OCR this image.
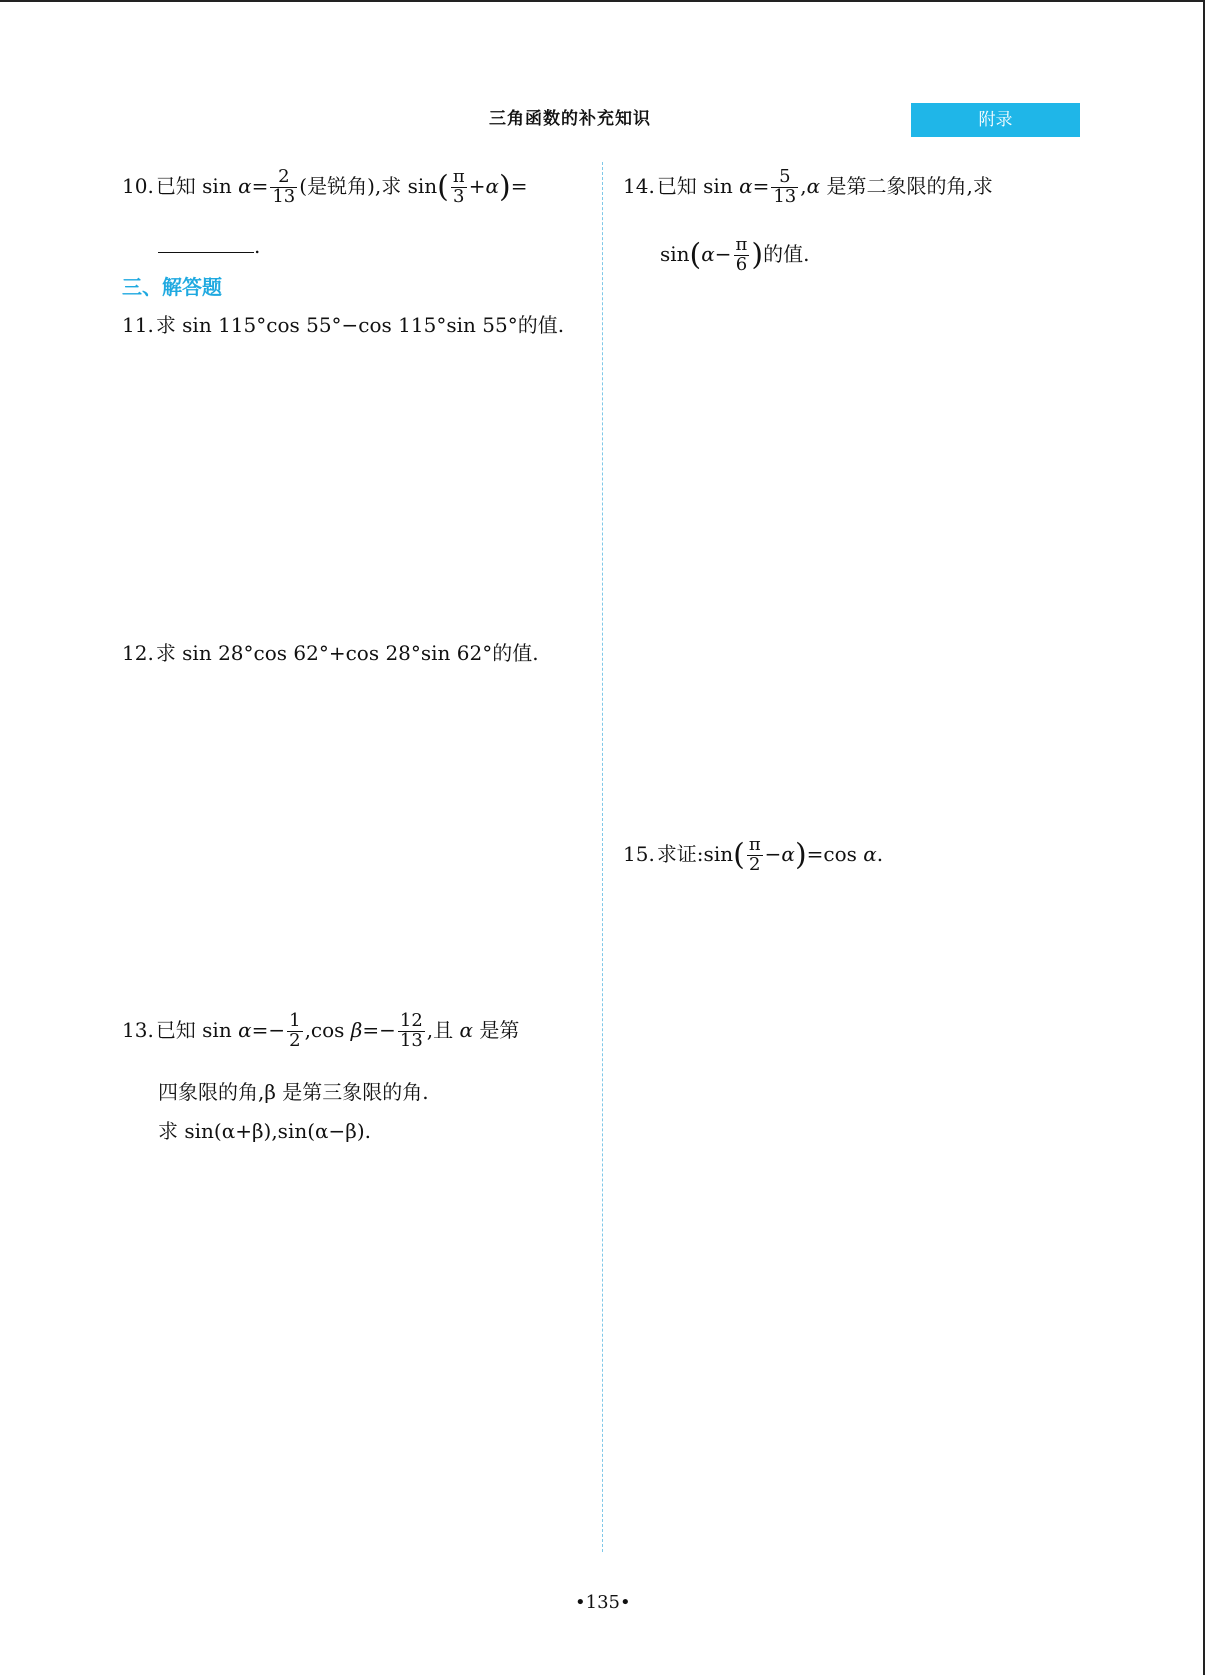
三角函数的补充知识	附录
10. 已知 $\sin \alpha= \frac{2}{13}$ (是锐角),求 $\sin( \frac{\pi}{3} +\alpha)=$
.
三、解答题
11. 求 sin 115°cos 55°−cos 115°sin 55°的值.
12. 求 sin 28°cos 62°+cos 28°sin 62°的值.
13. 已知 $\sin \alpha=- \frac{1}{2} ,\cos$ $\beta=- \frac{12}{13}$ ,且 α 是第
四象限的角,β 是第三象限的角.
求 sin(α+β),sin(α−β).
14. 已知 $\sin \alpha= \frac{5}{13} ,\alpha$ 是第二象限的角,求
$\sin(\alpha- \frac{\pi}{6}$ )的值.
15. 求证:sin( $\frac{\pi}{2} -\alpha)=\cos$ α.
•135•
